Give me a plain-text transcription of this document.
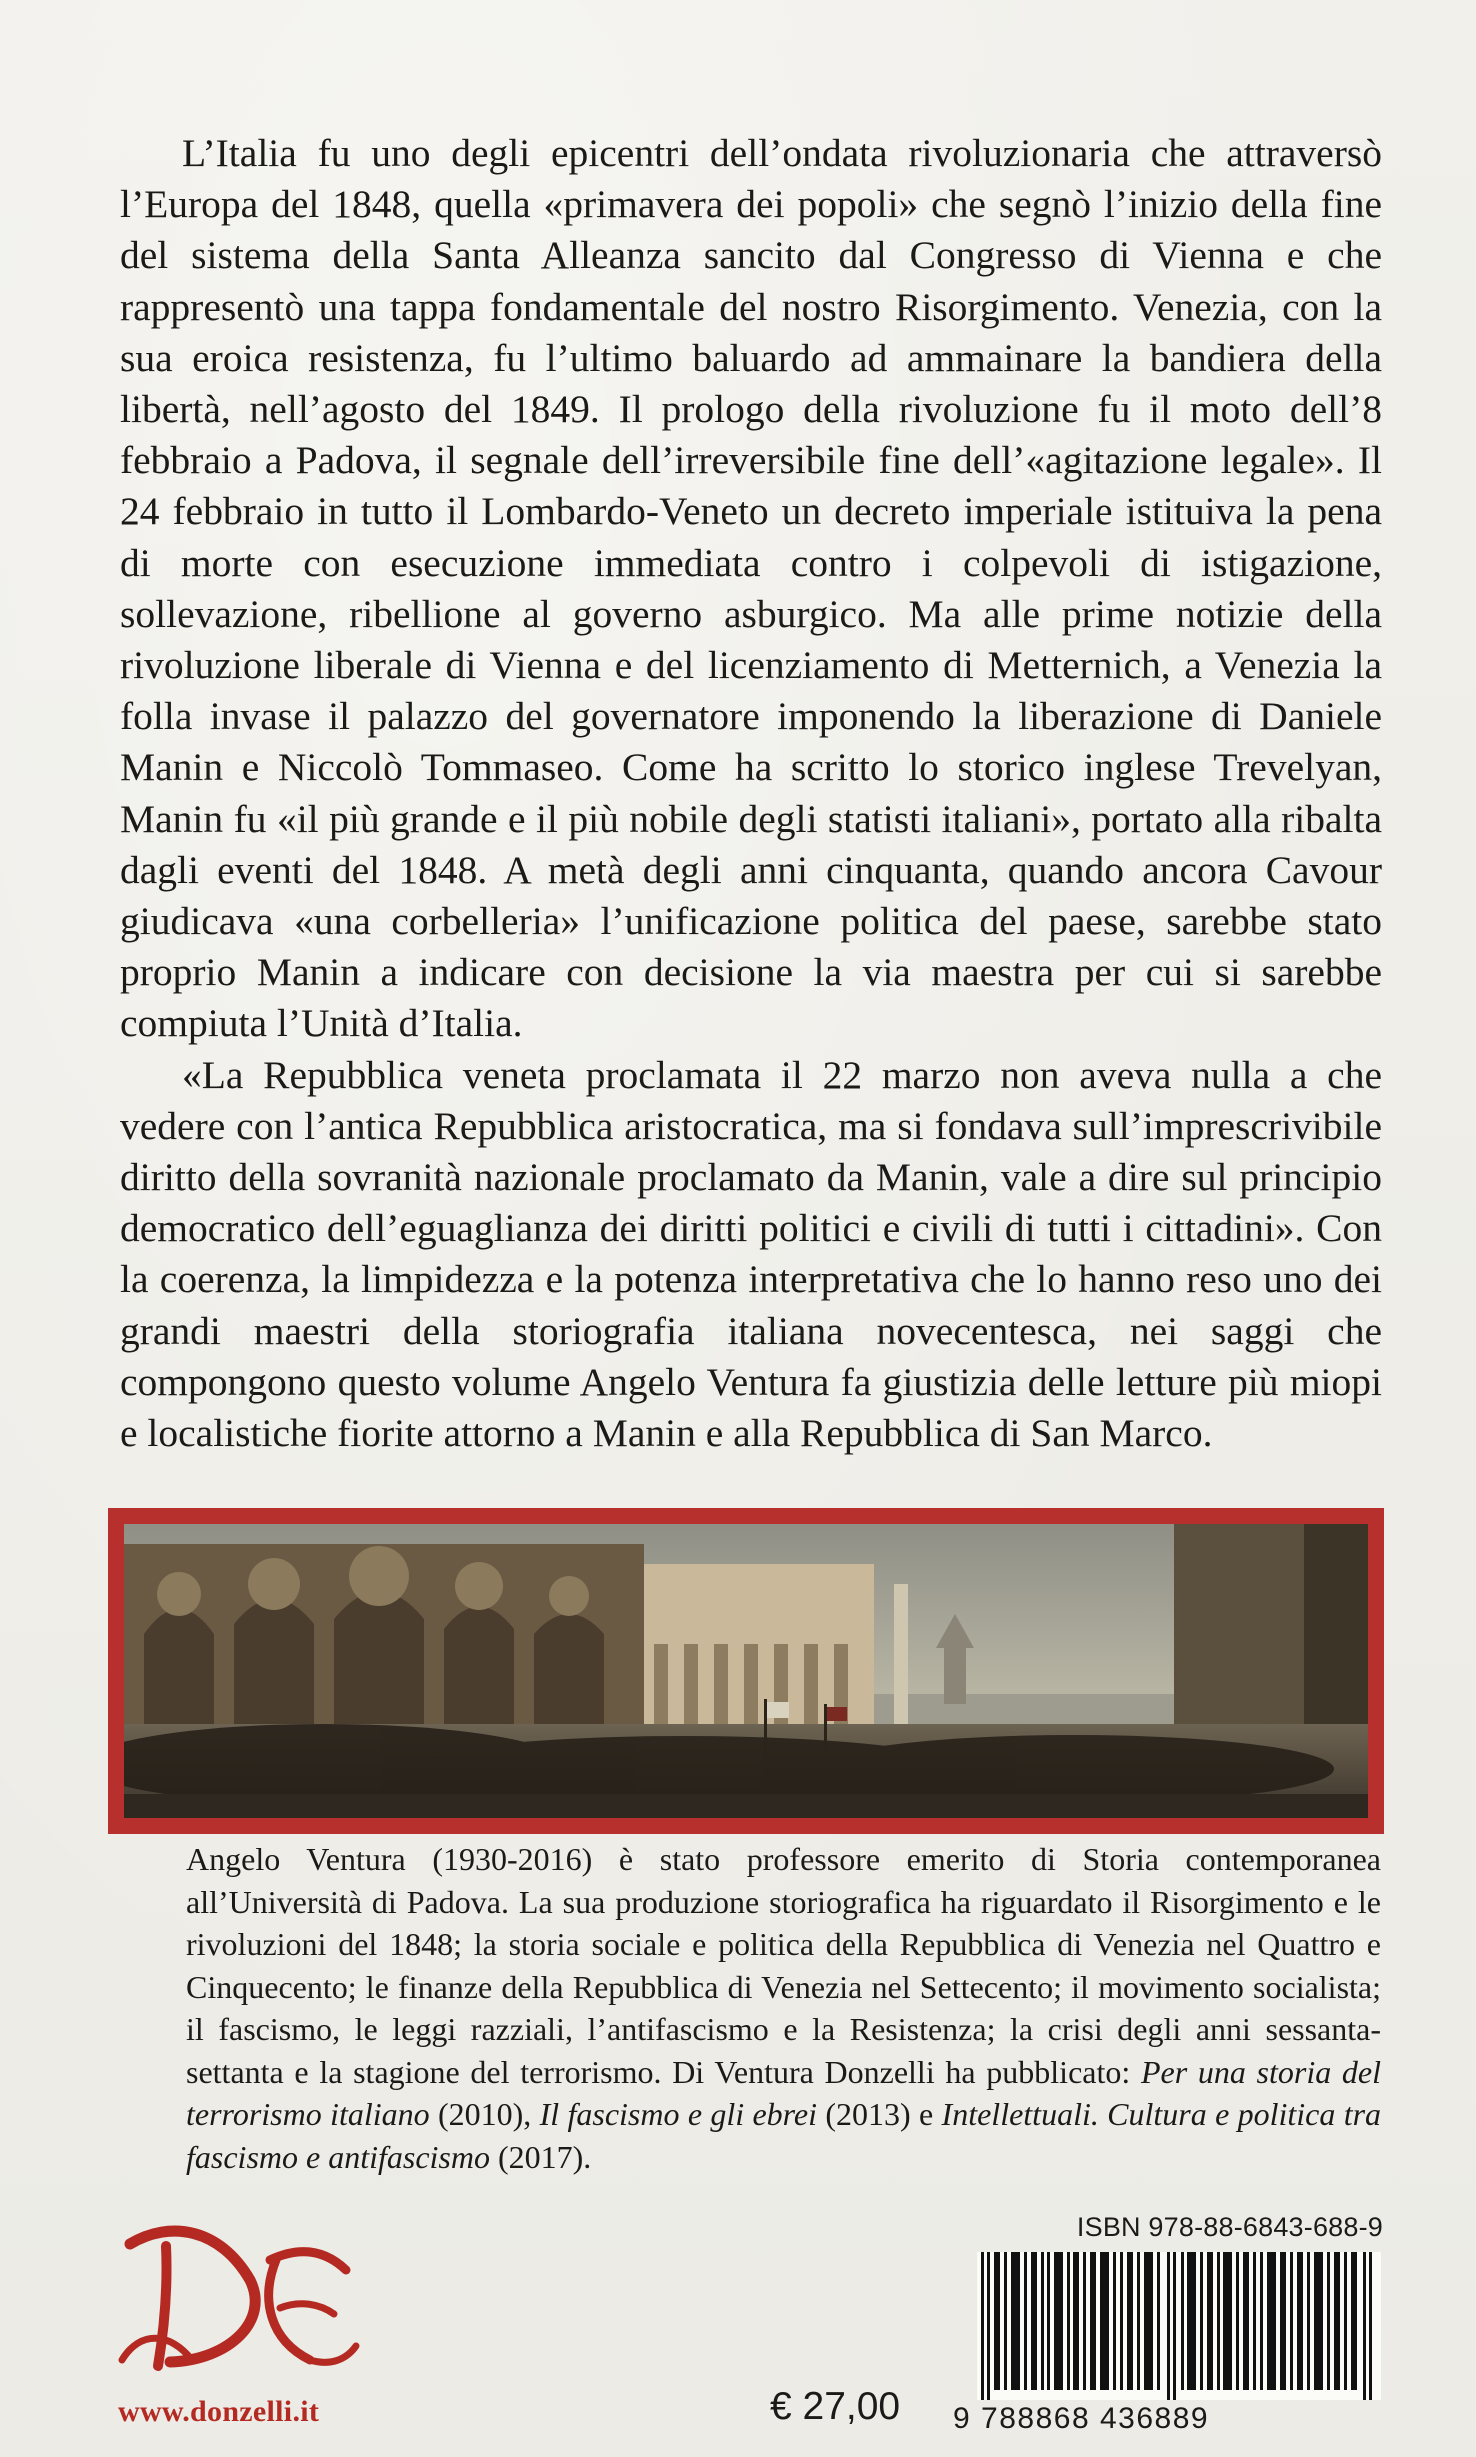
L’Italia fu uno degli epicentri dell’ondata rivoluzionaria che attraversò l’Europa del 1848, quella «primavera dei popoli» che segnò l’inizio della fine del sistema della Santa Alleanza sancito dal Congresso di Vienna e che rappresentò una tappa fondamentale del nostro Risorgimento. Venezia, con la sua eroica resistenza, fu l’ultimo baluardo ad ammainare la bandiera della libertà, nell’agosto del 1849. Il prologo della rivoluzione fu il moto dell’8 febbraio a Padova, il segnale dell’irreversibile fine dell’«agitazione legale». Il 24 febbraio in tutto il Lombardo-Veneto un decreto imperiale istituiva la pena di morte con esecuzione immediata contro i colpevoli di istigazione, sollevazione, ribellione al governo asburgico. Ma alle prime notizie della rivoluzione liberale di Vienna e del licenziamento di Metternich, a Venezia la folla invase il palazzo del governatore imponendo la liberazione di Daniele Manin e Niccolò Tommaseo. Come ha scritto lo storico inglese Trevelyan, Manin fu «il più grande e il più nobile degli statisti italiani», portato alla ribalta dagli eventi del 1848. A metà degli anni cinquanta, quando ancora Cavour giudicava «una corbelleria» l’unificazione politica del paese, sarebbe stato proprio Manin a indicare con decisione la via maestra per cui si sarebbe compiuta l’Unità d’Italia.

«La Repubblica veneta proclamata il 22 marzo non aveva nulla a che vedere con l’antica Repubblica aristocratica, ma si fondava sull’imprescrivibile diritto della sovranità nazionale proclamato da Manin, vale a dire sul principio democratico dell’eguaglianza dei diritti politici e civili di tutti i cittadini». Con la coerenza, la limpidezza e la potenza interpretativa che lo hanno reso uno dei grandi maestri della storiografia italiana novecentesca, nei saggi che compongono questo volume Angelo Ventura fa giustizia delle letture più miopi e localistiche fiorite attorno a Manin e alla Repubblica di San Marco.

Angelo Ventura (1930-2016) è stato professore emerito di Storia contemporanea all’Università di Padova. La sua produzione storiografica ha riguardato il Risorgimento e le rivoluzioni del 1848; la storia sociale e politica della Repubblica di Venezia nel Quattro e Cinquecento; le finanze della Repubblica di Venezia nel Settecento; il movimento socialista; il fascismo, le leggi razziali, l’antifascismo e la Resistenza; la crisi degli anni sessanta-settanta e la stagione del terrorismo. Di Ventura Donzelli ha pubblicato: Per una storia del terrorismo italiano (2010), Il fascismo e gli ebrei (2013) e Intellettuali. Cultura e politica tra fascismo e antifascismo (2017).

www.donzelli.it	€ 27,00
ISBN 978-88-6843-688-9
9 788868 436889
